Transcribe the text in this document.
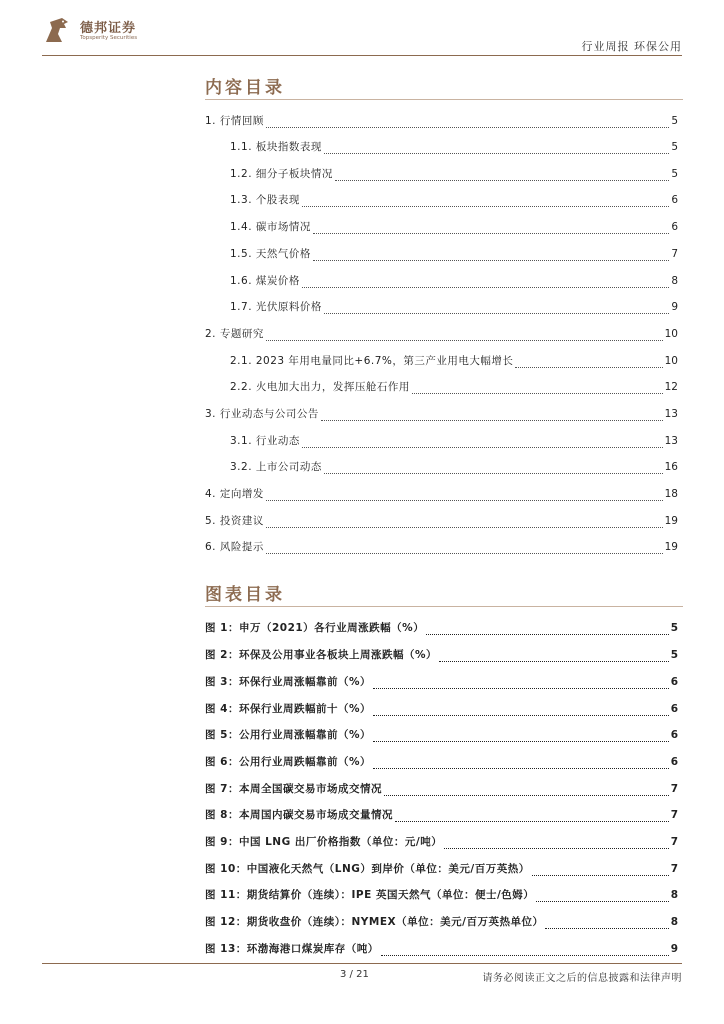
德邦证券
Topsperity Securities
行业周报 环保公用
内容目录
1. 行情回顾	5
1.1. 板块指数表现	5
1.2. 细分子板块情况	5
1.3. 个股表现	6
1.4. 碳市场情况	6
1.5. 天然气价格	7
1.6. 煤炭价格	8
1.7. 光伏原料价格	9
2. 专题研究	10
2.1. 2023 年用电量同比+6.7%，第三产业用电大幅增长	10
2.2. 火电加大出力，发挥压舱石作用	12
3. 行业动态与公司公告	13
3.1. 行业动态	13
3.2. 上市公司动态	16
4. 定向增发	18
5. 投资建议	19
6. 风险提示	19
图表目录
图 1：申万（2021）各行业周涨跌幅（%）	5
图 2：环保及公用事业各板块上周涨跌幅（%）	5
图 3：环保行业周涨幅靠前（%）	6
图 4：环保行业周跌幅前十（%）	6
图 5：公用行业周涨幅靠前（%）	6
图 6：公用行业周跌幅靠前（%）	6
图 7：本周全国碳交易市场成交情况	7
图 8：本周国内碳交易市场成交量情况	7
图 9：中国 LNG 出厂价格指数（单位：元/吨）	7
图 10：中国液化天然气（LNG）到岸价（单位：美元/百万英热）	7
图 11：期货结算价（连续）：IPE 英国天然气（单位：便士/色姆）	8
图 12：期货收盘价（连续）：NYMEX（单位：美元/百万英热单位）	8
图 13：环渤海港口煤炭库存（吨）	9
3 / 21	请务必阅读正文之后的信息披露和法律声明
